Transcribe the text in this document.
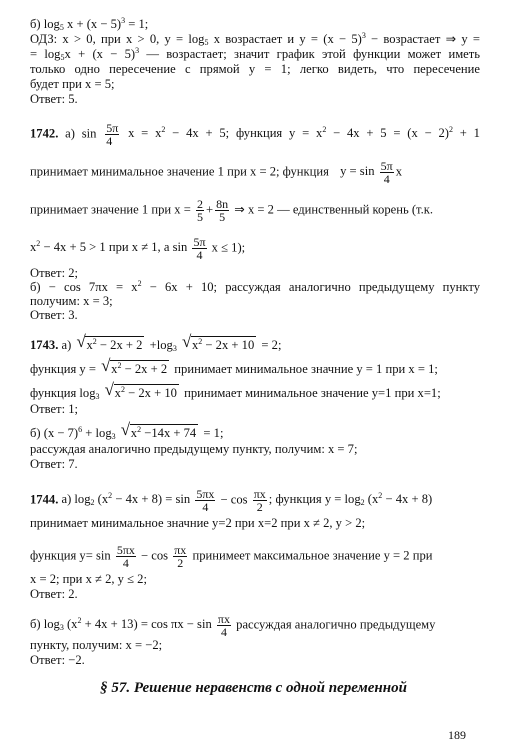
б) $\log_5 x + (x - 5)^3 = 1$;
ОДЗ: x > 0, при x > 0, $y = \log_5 x$ возрастает и $y = (x - 5)^3$ − возрастает ⇒ y =
= $\log_5x + (x - 5)^3$ — возрастает; значит график этой функции может иметь
только одно пересечение с прямой y = 1; легко видеть, что пересечение
будет при x = 5;
Ответ: 5.
1742. а) $\sin \frac{5\pi}{4}$ $x = x^2 - 4x + 5$; функция $y = x^2 - 4x + 5 = (x - 2)^2 + 1$
принимает минимальное значение 1 при x = 2; функция $y = \sin \frac{5\pi}{4}$ x
принимает значение 1 при $x = \frac{2}{5} + \frac{8n}{5}$ ⇒ x = 2 — единственный корень (т.к.
$x^2 - 4x + 5 > 1$ при x ≠ 1, a $\sin \frac{5\pi}{4}$ x ≤ 1);
Ответ: 2;
$б) - \cos 7\pi x = x^2 - 6x + 10$; рассуждая аналогично предыдущему пункту
получим: x = 3;
Ответ: 3.
1743. а) √ $x^2 - 2x + 2 +\log_3$ √ $x^2 - 2x + 10 = 2$;
функция y = √ $x^2 - 2x + 2$ принимает минимальное значние y = 1 при x = 1;
функция $\log_3$ √ $x^2 - 2x + 10$ принимает минимальное значение y=1 при x=1;
Ответ: 1;
б) $(x - 7)^6 + \log_3$ √ $x^2 -14x + 74 = 1$;
рассуждая аналогично предыдущему пункту, получим: x = 7;
Ответ: 7.
1744. а) $\log_2 (x^2 - 4x + 8) = \sin \frac{5\pi x}{4} - \cos \frac{\pi x}{2}$ ; функция $y = \log_2 (x^2 - 4x + 8)$
принимает минимальное значние y=2 при x=2 при x ≠ 2, y > 2;
функция $y= \sin \frac{5\pi x}{4} - \cos \frac{\pi x}{2}$ принимеет максимальное значение y = 2 при
x = 2; при x ≠ 2, y ≤ 2;
Ответ: 2.
б) $\log_3 (x^2 + 4x + 13) = \cos \pi x - \sin \frac{\pi x}{4}$ рассуждая аналогично предыдущему
пункту, получим: x = −2;
Ответ: −2.
§ 57. Решение неравенств с одной переменной
189
